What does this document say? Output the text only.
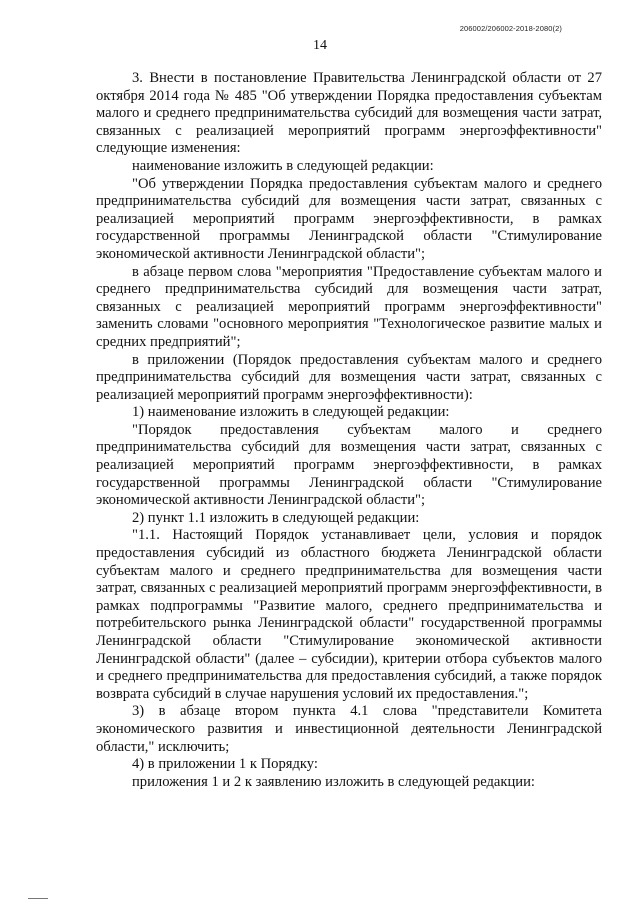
206002/206002-2018-2080(2)
14

3. Внести в постановление Правительства Ленинградской области от 27 октября 2014 года № 485 "Об утверждении Порядка предоставления субъектам малого и среднего предпринимательства субсидий для возмещения части затрат, связанных с реализацией мероприятий программ энергоэффективности" следующие изменения:

наименование изложить в следующей редакции:

"Об утверждении Порядка предоставления субъектам малого и среднего предпринимательства субсидий для возмещения части затрат, связанных с реализацией мероприятий программ энергоэффективности, в рамках государственной программы Ленинградской области "Стимулирование экономической активности Ленинградской области";

в абзаце первом слова "мероприятия "Предоставление субъектам малого и среднего предпринимательства субсидий для возмещения части затрат, связанных с реализацией мероприятий программ энергоэффективности" заменить словами "основного мероприятия "Технологическое развитие малых и средних предприятий";

в приложении (Порядок предоставления субъектам малого и среднего предпринимательства субсидий для возмещения части затрат, связанных с реализацией мероприятий программ энергоэффективности):

1) наименование изложить в следующей редакции:

"Порядок предоставления субъектам малого и среднего предпринимательства субсидий для возмещения части затрат, связанных с реализацией мероприятий программ энергоэффективности, в рамках государственной программы Ленинградской области "Стимулирование экономической активности Ленинградской области";

2) пункт 1.1 изложить в следующей редакции:

"1.1. Настоящий Порядок устанавливает цели, условия и порядок предоставления субсидий из областного бюджета Ленинградской области субъектам малого и среднего предпринимательства для возмещения части затрат, связанных с реализацией мероприятий программ энергоэффективности, в рамках подпрограммы "Развитие малого, среднего предпринимательства и потребительского рынка Ленинградской области" государственной программы Ленинградской области "Стимулирование экономической активности Ленинградской области" (далее – субсидии), критерии отбора субъектов малого и среднего предпринимательства для предоставления субсидий, а также порядок возврата субсидий в случае нарушения условий их предоставления.";

3) в абзаце втором пункта 4.1 слова "представители Комитета экономического развития и инвестиционной деятельности Ленинградской области," исключить;

4) в приложении 1 к Порядку:

приложения 1 и 2 к заявлению изложить в следующей редакции:
